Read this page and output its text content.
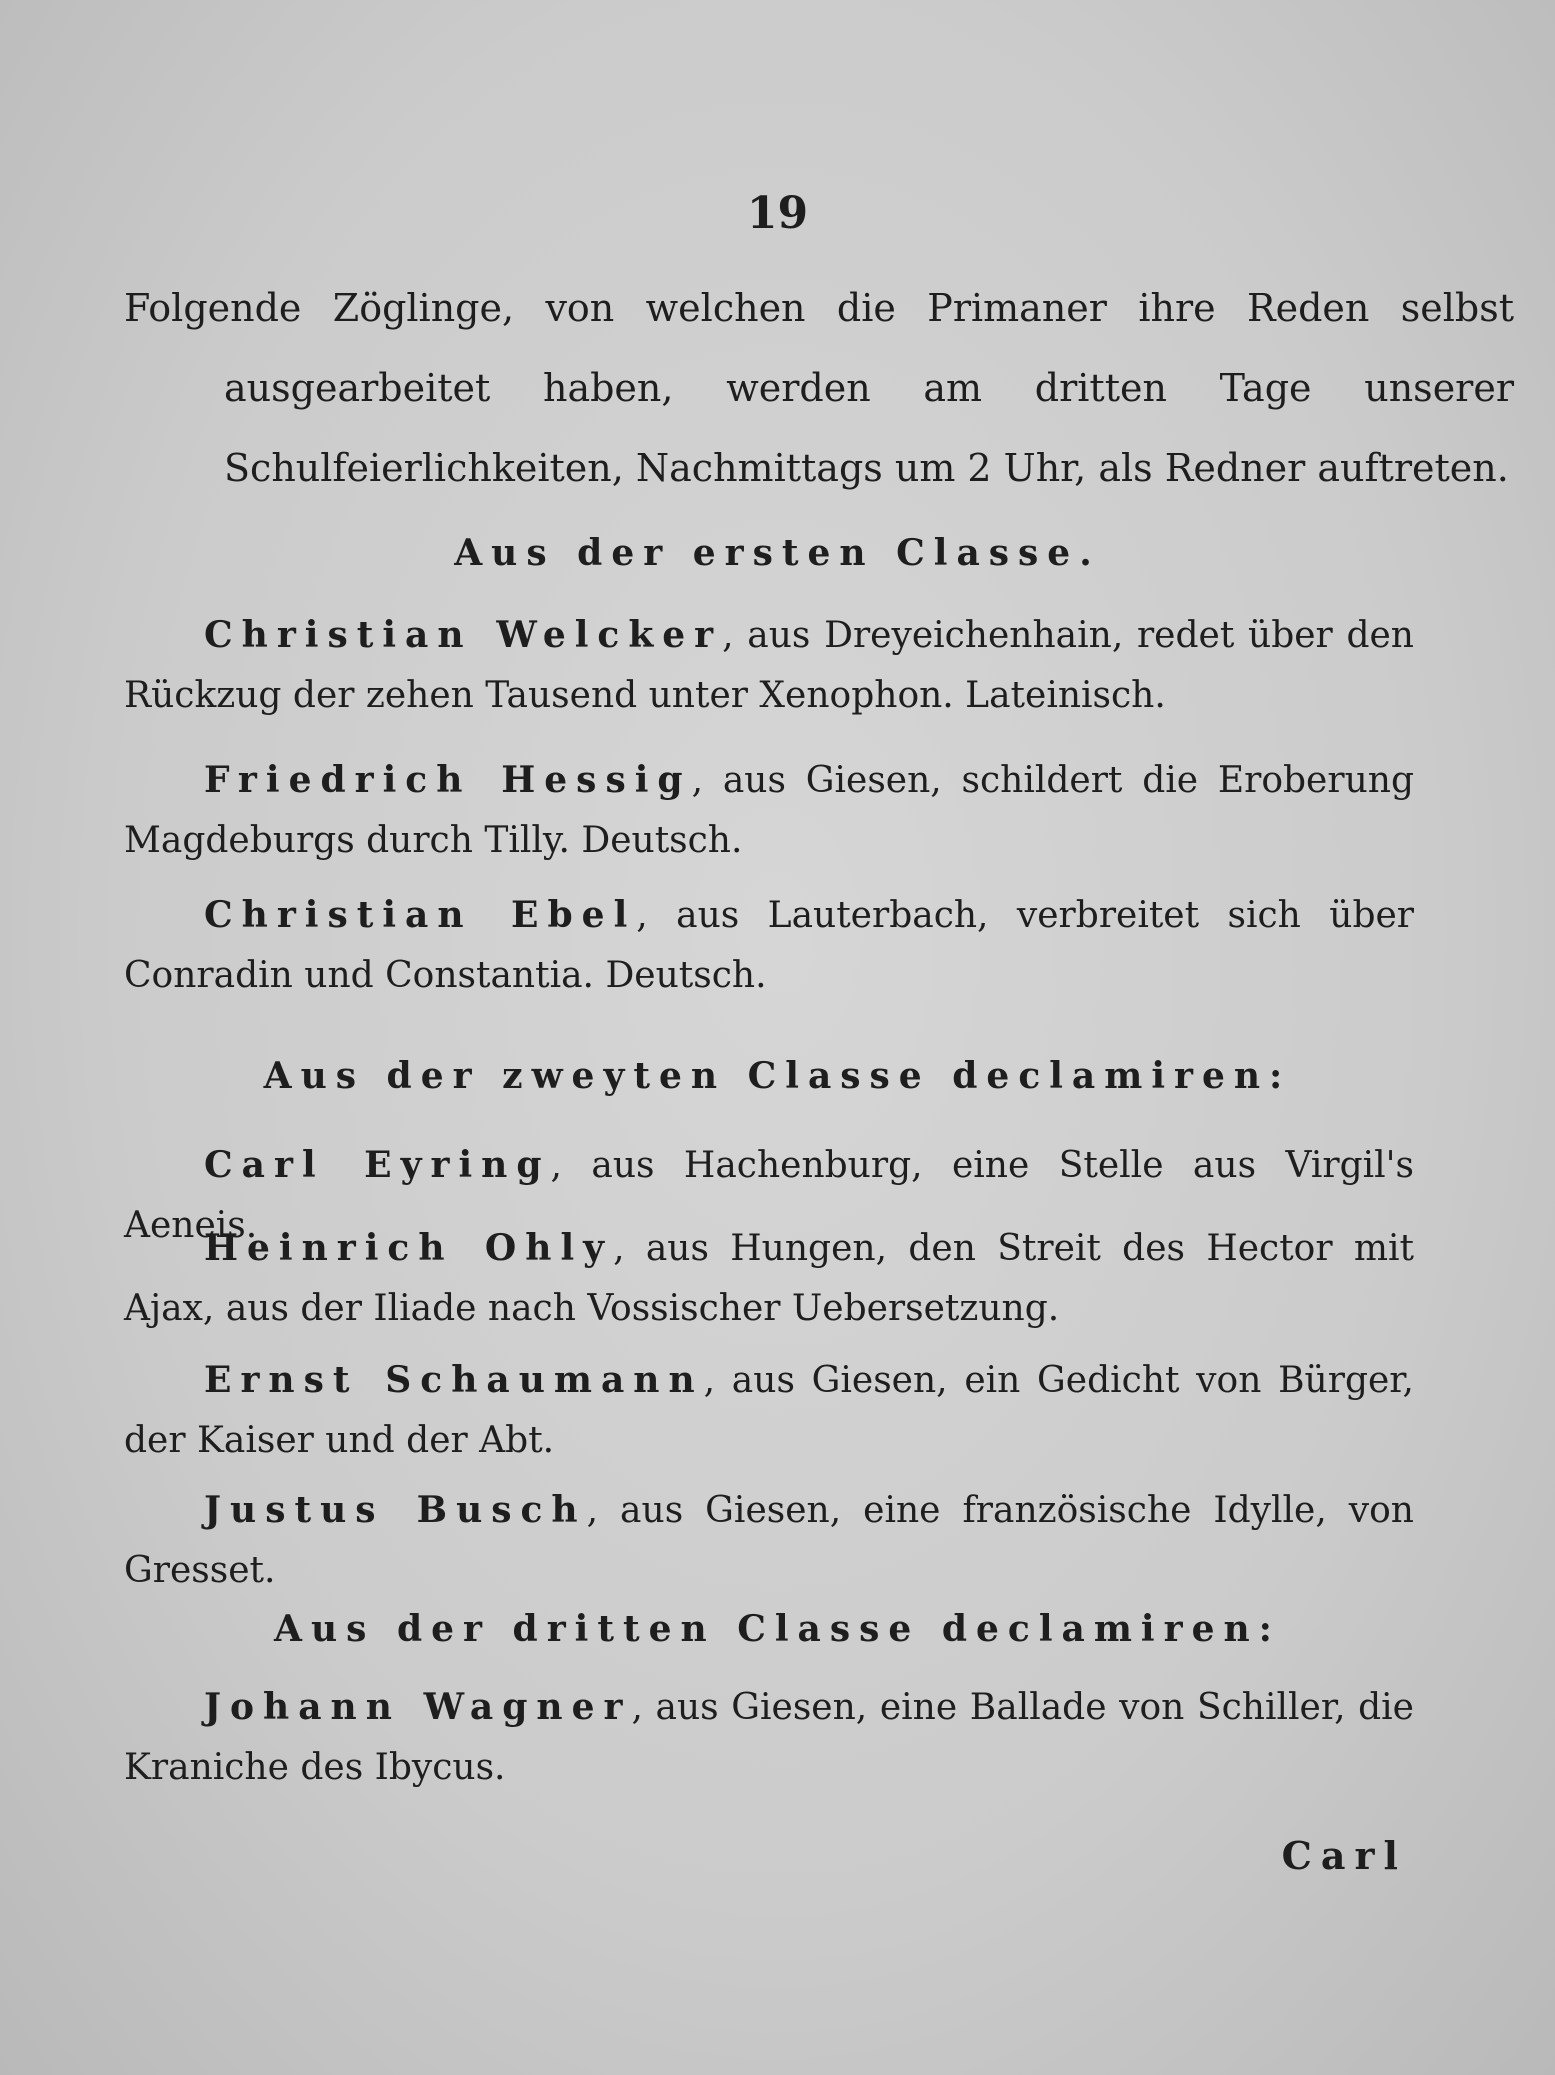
19

Folgende Zöglinge, von welchen die Primaner ihre Reden selbst ausgearbeitet haben, werden am dritten Tage unserer Schulfeierlichkeiten, Nachmittags um 2 Uhr, als Redner auftreten.

Aus der ersten Classe.

Christian Welcker, aus Dreyeichenhain, redet über den Rückzug der zehen Tausend unter Xenophon. Lateinisch.

Friedrich Hessig, aus Giesen, schildert die Eroberung Magdeburgs durch Tilly. Deutsch.

Christian Ebel, aus Lauterbach, verbreitet sich über Conradin und Constantia. Deutsch.

Aus der zweyten Classe declamiren:

Carl Eyring, aus Hachenburg, eine Stelle aus Virgil's Aeneis.

Heinrich Ohly, aus Hungen, den Streit des Hector mit Ajax, aus der Iliade nach Vossischer Uebersetzung.

Ernst Schaumann, aus Giesen, ein Gedicht von Bürger, der Kaiser und der Abt.

Justus Busch, aus Giesen, eine französische Idylle, von Gresset.

Aus der dritten Classe declamiren:

Johann Wagner, aus Giesen, eine Ballade von Schiller, die Kraniche des Ibycus.

Carl
